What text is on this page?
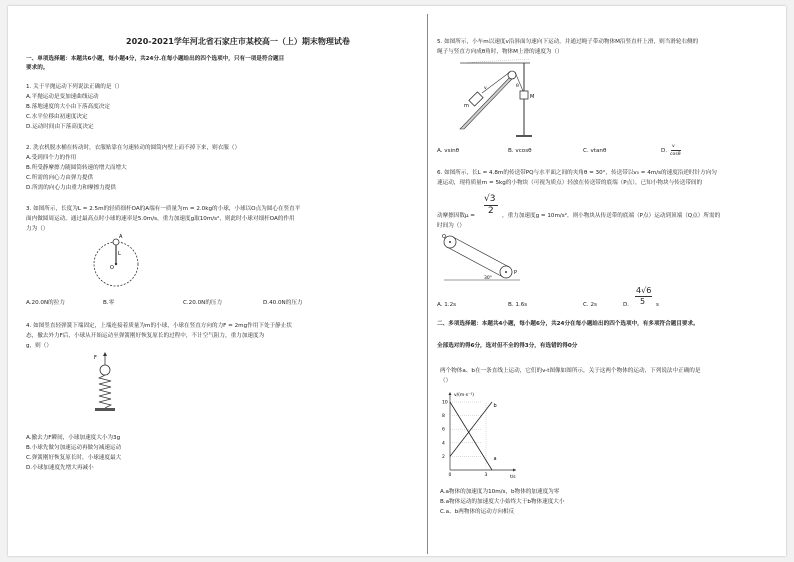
2020-2021学年河北省石家庄市某校高一（上）期末物理试卷
一、单项选择题：本题共6小题，每小题4分，共24分.在每小题给出的四个选项中，只有一项是符合题目
要求的。
1. 关于平抛运动下列说法正确的是（）
A.平抛运动是变加速曲线运动
B.落地速度的大小由下落高度决定
C.水平位移由初速度决定
D.运动时间由下落高度决定
2. 洗衣机脱水桶在转动时，衣服贴靠在匀速转动的圆筒内壁上而不掉下来，则衣服（）
A.受到四个力的作用
B.所受静摩擦力随圆筒转速的增大而增大
C.所需的向心力由弹力提供
D.所需的向心力由重力和摩擦力提供
3. 如图所示，长度为L = 2.5m的轻质细杆OA的A端有一质量为m = 2.0kg的小球，小球以O点为圆心在竖直平
面内做圆周运动，通过最高点时小球的速率是5.0m/s，重力加速度g取10m/s²，则此时小球对细杆OA的作用
力为（）
O
L
A
A.20.0N的拉力	B.零	C.20.0N的压力	D.40.0N的压力
4. 如图竖直轻弹簧下端固定，上端连接着质量为m的小球，小球在竖直方向的力F = 2mg作用下处于静止状
态，撤去外力F后，小球从开始运动至弹簧刚好恢复原长的过程中，不计空气阻力，重力加速度为
g，则（）
F
A.撤去力F瞬间，小球加速度大小为3g
B.小球先做匀加速运动再做匀减速运动
C.弹簧刚好恢复原长时，小球速度最大
D.小球加速度先增大再减小
5. 如图所示，小车m以速度v沿斜面匀速向下运动，并通过绳子带动物体M沿竖直杆上滑，则当滑轮右侧的
绳子与竖直方向成θ角时，物体M上滑的速度为（）
m
M
θ
v
A. vsinθ	B. vcosθ	C. vtanθ	D.
v
cosθ
6. 如图所示，长L = 4.8m的传送带PQ与水平面之间的夹角θ = 30°，传送带以v₀ = 4m/s的速度沿逆时针方向匀
速运动，现将质量m = 5kg的小物块（可视为质点）轻放在传送带的底端（P点），已知小物块与传送带间的
动摩擦因数μ =
√3
2 ，重力加速度g = 10m/s²，则小物块从传送带的底端（P点）运动到顶端（Q点）所需的
时间为（）
Q
P
30°
A. 1.2s	B. 1.6s	C. 2s	D.
4√6
5 s
二、多项选择题：本题共4小题，每小题6分，共24分在每小题给出的四个选项中，有多项符合题目要求。
全部选对的得6分，选对但不全的得3分，有选错的得0分
两个物体a、b在一条直线上运动，它们的v-t图像如图所示，关于这两个物体的运动，下列说法中正确的是
（）
v/(m·s⁻¹)
t/s
10
8
6
4
2
0	3
a
b
A.a物体的加速度为10m/s，b物体的加速度为零
B.a物体运动的加速度大小始终大于b物体速度大小
C.a、b两物体的运动方向相反
